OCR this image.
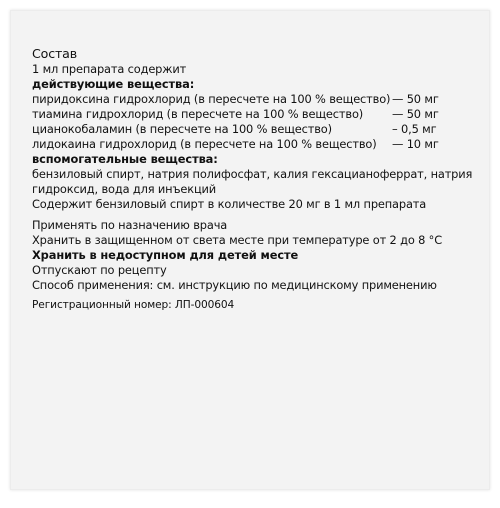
Состав
1 мл препарата содержит
действующие вещества:
пиридоксина гидрохлорид (в пересчете на 100 % вещество) — 50 мг
тиамина гидрохлорид (в пересчете на 100 % вещество)	— 50 мг
цианокобаламин (в пересчете на 100 % вещество)	– 0,5 мг
лидокаина гидрохлорид (в пересчете на 100 % вещество)	— 10 мг
вспомогательные вещества:
бензиловый спирт, натрия полифосфат, калия гексацианоферрат, натрия
гидроксид, вода для инъекций
Содержит бензиловый спирт в количестве 20 мг в 1 мл препарата
Применять по назначению врача
Хранить в защищенном от света месте при температуре от 2 до 8 °С
Хранить в недоступном для детей месте
Отпускают по рецепту
Способ применения: см. инструкцию по медицинскому применению
Регистрационный номер: ЛП-000604
